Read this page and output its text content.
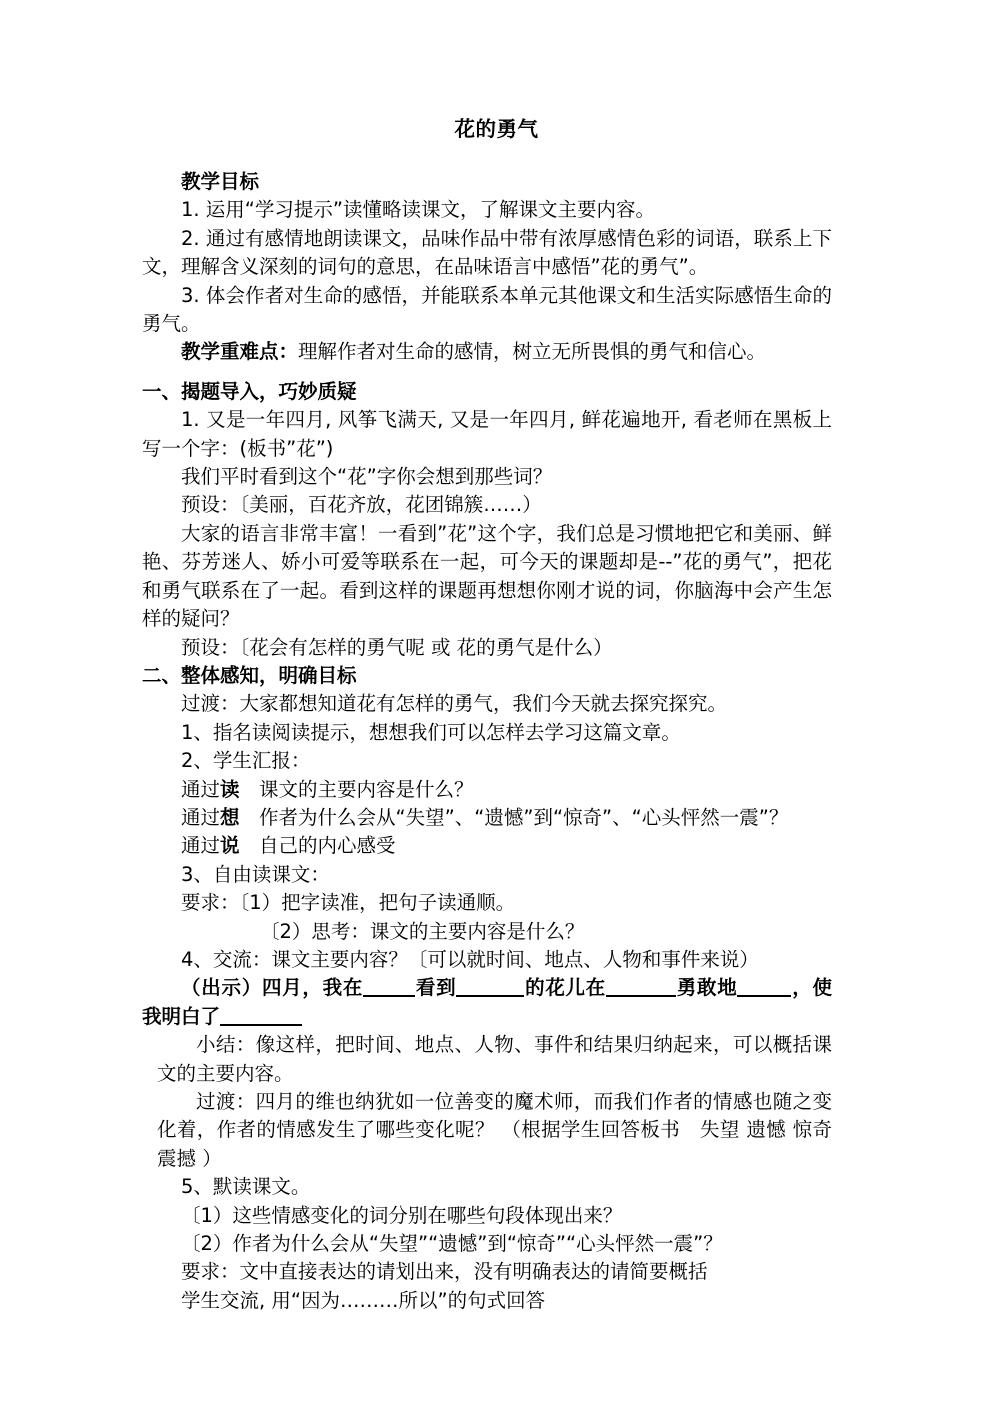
花的勇气

教学目标

1. 运用“学习提示”读懂略读课文，了解课文主要内容。

2. 通过有感情地朗读课文，品味作品中带有浓厚感情色彩的词语，联系上下文，理解含义深刻的词句的意思，在品味语言中感悟”花的勇气”。

3. 体会作者对生命的感悟，并能联系本单元其他课文和生活实际感悟生命的勇气。

教学重难点：理解作者对生命的感情，树立无所畏惧的勇气和信心。

一、揭题导入，巧妙质疑

1. 又是一年四月, 风筝飞满天, 又是一年四月, 鲜花遍地开, 看老师在黑板上写一个字：(板书”花”)

我们平时看到这个“花”字你会想到那些词？

预设：〔美丽，百花齐放，花团锦簇……）

大家的语言非常丰富！一看到”花”这个字，我们总是习惯地把它和美丽、鲜艳、芬芳迷人、娇小可爱等联系在一起，可今天的课题却是--”花的勇气”，把花和勇气联系在了一起。看到这样的课题再想想你刚才说的词，你脑海中会产生怎样的疑问？

预设：〔花会有怎样的勇气呢 或 花的勇气是什么）

二、整体感知，明确目标

过渡：大家都想知道花有怎样的勇气，我们今天就去探究探究。

1、指名读阅读提示，想想我们可以怎样去学习这篇文章。

2、学生汇报：

通过读　课文的主要内容是什么？

通过想　作者为什么会从“失望”、“遗憾”到“惊奇”、“心头怦然一震”？

通过说　自己的内心感受

3、自由读课文：

要求：〔1）把字读准，把句子读通顺。

〔2）思考：课文的主要内容是什么？

4、交流：课文主要内容？〔可以就时间、地点、人物和事件来说）

（出示）四月，我在	看到	的花儿在	勇敢地	，使我明白了

小结：像这样，把时间、地点、人物、事件和结果归纳起来，可以概括课文的主要内容。

过渡：四月的维也纳犹如一位善变的魔术师，而我们作者的情感也随之变化着，作者的情感发生了哪些变化呢？ （根据学生回答板书　失望 遗憾 惊奇 震撼 ）

5、默读课文。

〔1）这些情感变化的词分别在哪些句段体现出来？

〔2）作者为什么会从“失望”“遗憾”到“惊奇”“心头怦然一震”？

要求：文中直接表达的请划出来，没有明确表达的请简要概括

学生交流, 用“因为………所以”的句式回答
